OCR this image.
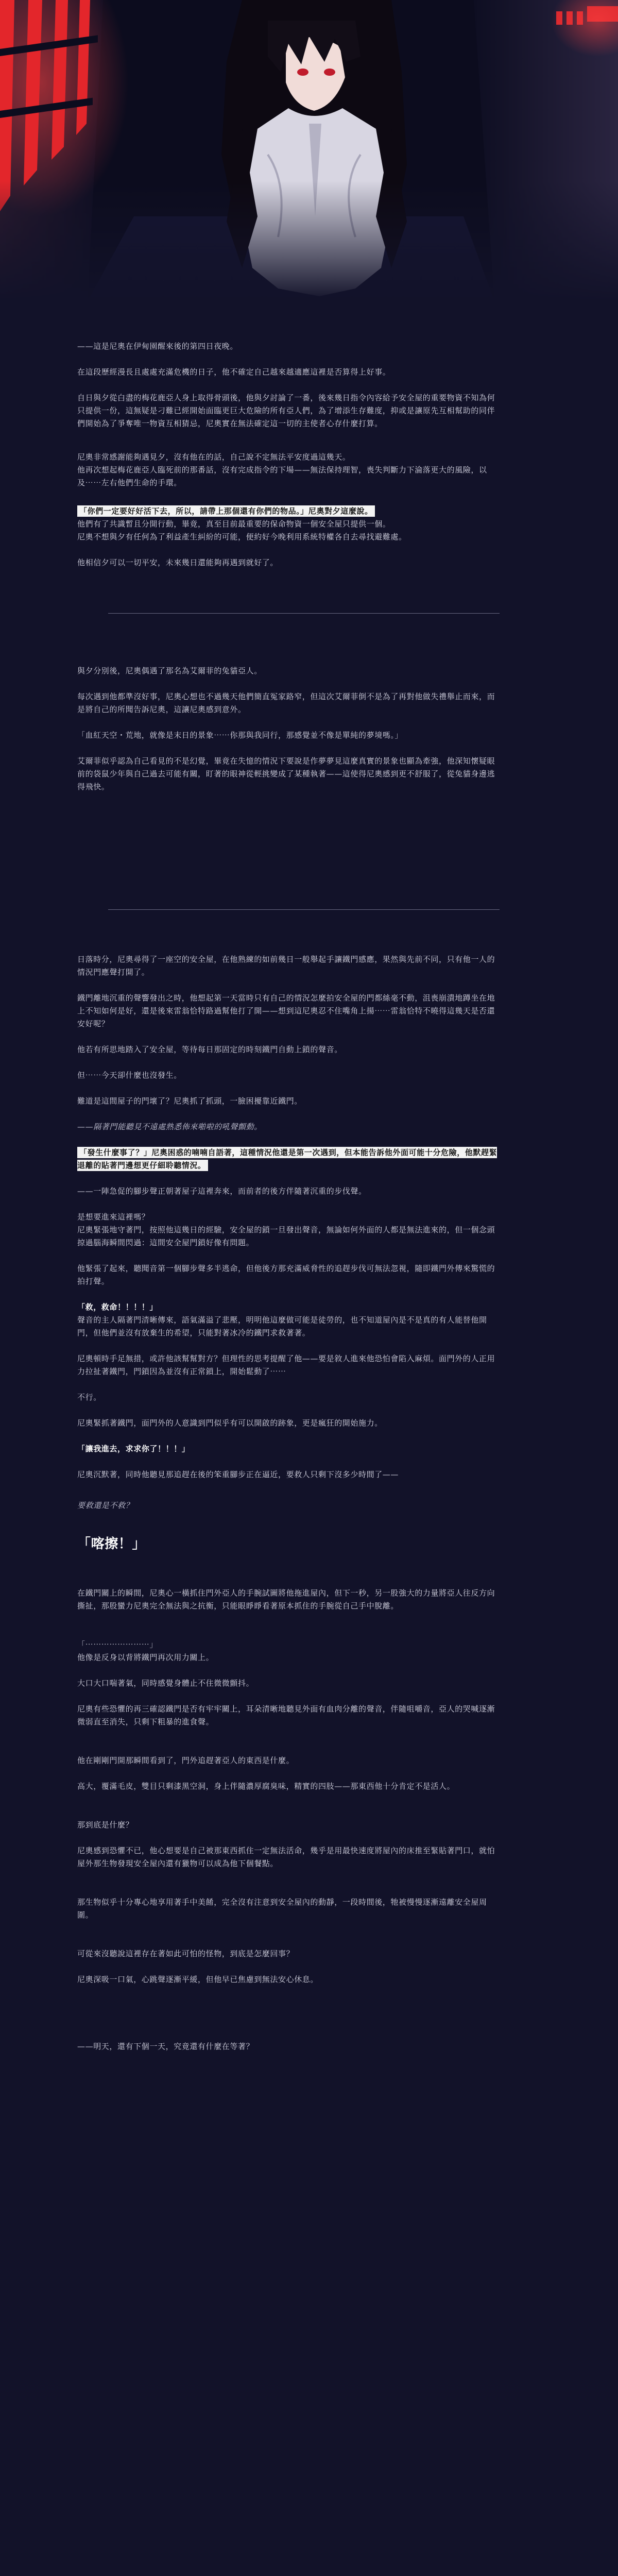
——這是尼奧在伊甸園醒來後的第四日夜晚。

在這段歷經漫長且處處充滿危機的日子，他不確定自己越來越適應這裡是否算得上好事。

自日與夕從白盡的梅花鹿亞人身上取得骨頭後，他與夕討論了一番，後來幾日指令內容給予安全屋的重要物資不知為何只提供一份，這無疑是刁難已經開始面臨更巨大危險的所有亞人們，為了增添生存難度，抑或是讓原先互相幫助的同伴們開始為了爭奪唯一物資互相猜忌，尼奧實在無法確定這一切的主使者心存什麼打算。

尼奧非常感謝能夠遇見夕，沒有他在的話，自己說不定無法平安度過這幾天。

他再次想起梅花鹿亞人臨死前的那番話，沒有完成指令的下場——無法保持理智，喪失判斷力下淪落更大的風險，以及⋯⋯左右他們生命的手環。

「你們一定要好好活下去，所以，請帶上那個還有你們的物品。」尼奧對夕這麼說。

他們有了共識暫且分開行動，畢竟，真至目前最重要的保命物資一個安全屋只提供一個。

尼奧不想與夕有任何為了利益產生糾紛的可能，便約好今晚利用系統特權各自去尋找避難處。

他相信夕可以一切平安，未來幾日還能夠再遇到就好了。

與夕分別後，尼奧偶遇了那名為艾爾菲的兔貓亞人。

每次遇到他都準沒好事，尼奧心想也不過幾天他們簡直冤家路窄，但這次艾爾菲倒不是為了再對他做失禮舉止而來，而是將自己的所聞告訴尼奧，這讓尼奧感到意外。

「血紅天空・荒地，就像是末日的景象⋯⋯你那與我同行，那感覺並不像是單純的夢境嗎。」

艾爾菲似乎認為自己看見的不是幻覺，畢竟在失憶的情況下要說是作夢夢見這麼真實的景象也顯為牽強，他深知懷疑眼前的袋鼠少年與自己過去可能有關，盯著的眼神從輕挑變成了某種執著——這使得尼奧感到更不舒服了，從兔貓身邊逃得飛快。

日落時分，尼奧尋得了一座空的安全屋，在他熟練的如前幾日一般舉起手讓鐵門感應，果然與先前不同，只有他一人的情況門應聲打開了。

鐵門離地沉重的聲響發出之時，他想起第一天當時只有自己的情況怎麼拍安全屋的門都絲毫不動，沮喪崩潰地蹲坐在地上不知如何是好，還是後來雷翁恰特路過幫他打了開——想到這尼奧忍不住嘴角上揚⋯⋯雷翁恰特不曉得這幾天是否還安好呢？

他若有所思地踏入了安全屋，等待每日那固定的時刻鐵門自動上鎖的聲音。

但⋯⋯今天卻什麼也沒發生。

難道是這間屋子的門壞了？尼奧抓了抓頭，一臉困擾靠近鐵門。

——隔著門能聽見不遠處熟悉佈來啪啦的吼聲顫動。

「發生什麼事了？」尼奧困惑的喃喃自語著，這種情況他還是第一次遇到，但本能告訴他外面可能十分危險，他默趕緊退離的貼著門邊想更仔細聆聽情況。

——一陣急促的腳步聲正朝著屋子這裡奔來，而前者的後方伴隨著沉重的步伐聲。

是想要進來這裡嗎？

尼奧緊張地守著門，按照他這幾日的經驗，安全屋的鎖一旦發出聲音，無論如何外面的人都是無法進來的，但一個念頭掠過腦海瞬間閃過：這間安全屋門鎖好像有問題。

他緊張了起來，聽聞音第一個腳步聲多半逃命，但他後方那充滿威脅性的追趕步伐可無法忽視，隨即鐵門外傳來驚慌的拍打聲。

「救，救命！！！！」

聲音的主人隔著門清晰傳來，語氣滿溢了悲壓，明明他這麼做可能是徒勞的，也不知道屋內是不是真的有人能替他開門，但他們並沒有放棄生的希望，只能對著冰冷的鐵門求救著著。

尼奧頓時手足無措，或許他該幫幫對方？但理性的思考提醒了他——要是敘人進來他恐怕會陷入麻煩。面門外的人正用力拉扯著鐵門，門鎖因為並沒有正常鎖上，開始鬆動了⋯⋯

不行。

尼奧緊抓著鐵門，面門外的人意識到門似乎有可以開啟的跡象，更是瘋狂的開始施力。

「讓我進去，求求你了！！！」

尼奧沉默著，同時他聽見那追趕在後的笨重腳步正在逼近，要救人只剩下沒多少時間了——

要救還是不救？

「喀擦！」

在鐵門關上的瞬間，尼奧心一橫抓住門外亞人的手腕試圖將他拖進屋內，但下一秒，另一股強大的力量將亞人往反方向撕扯，那股蠻力尼奧完全無法與之抗衡，只能眼睜睜看著原本抓住的手腕從自己手中脫離。

「⋯⋯⋯⋯⋯⋯⋯⋯」

他像是反身以背將鐵門再次用力關上。

大口大口喘著氣，同時感覺身體止不住微微顫抖。

尼奧有些恐懼的再三確認鐵門是否有牢牢關上，耳朵清晰地聽見外面有血肉分離的聲音，伴隨咀嚼音，亞人的哭喊逐漸微弱直至消失，只剩下粗暴的進食聲。

他在剛剛門開那瞬間看到了，門外追趕著亞人的東西是什麼。

高大，覆滿毛皮，雙目只剩漆黑空洞，身上伴隨濃厚腐臭味，精實的四肢——那東西他十分肯定不是活人。

那到底是什麼？

尼奧感到恐懼不已，他心想要是自己被那東西抓住一定無法活命，幾乎是用最快速度將屋內的床推至緊貼著門口，就怕屋外那生物發現安全屋內還有獵物可以成為他下個餐點。

那生物似乎十分專心地享用著手中美餚，完全沒有注意到安全屋內的動靜，一段時間後，牠被慢慢逐漸遠離安全屋周圍。

可從來沒聽說這裡存在著如此可怕的怪物，到底是怎麼回事？

尼奧深吸一口氣，心跳聲逐漸平緩，但他早已焦慮到無法安心休息。

——明天，還有下個一天，究竟還有什麼在等著？
